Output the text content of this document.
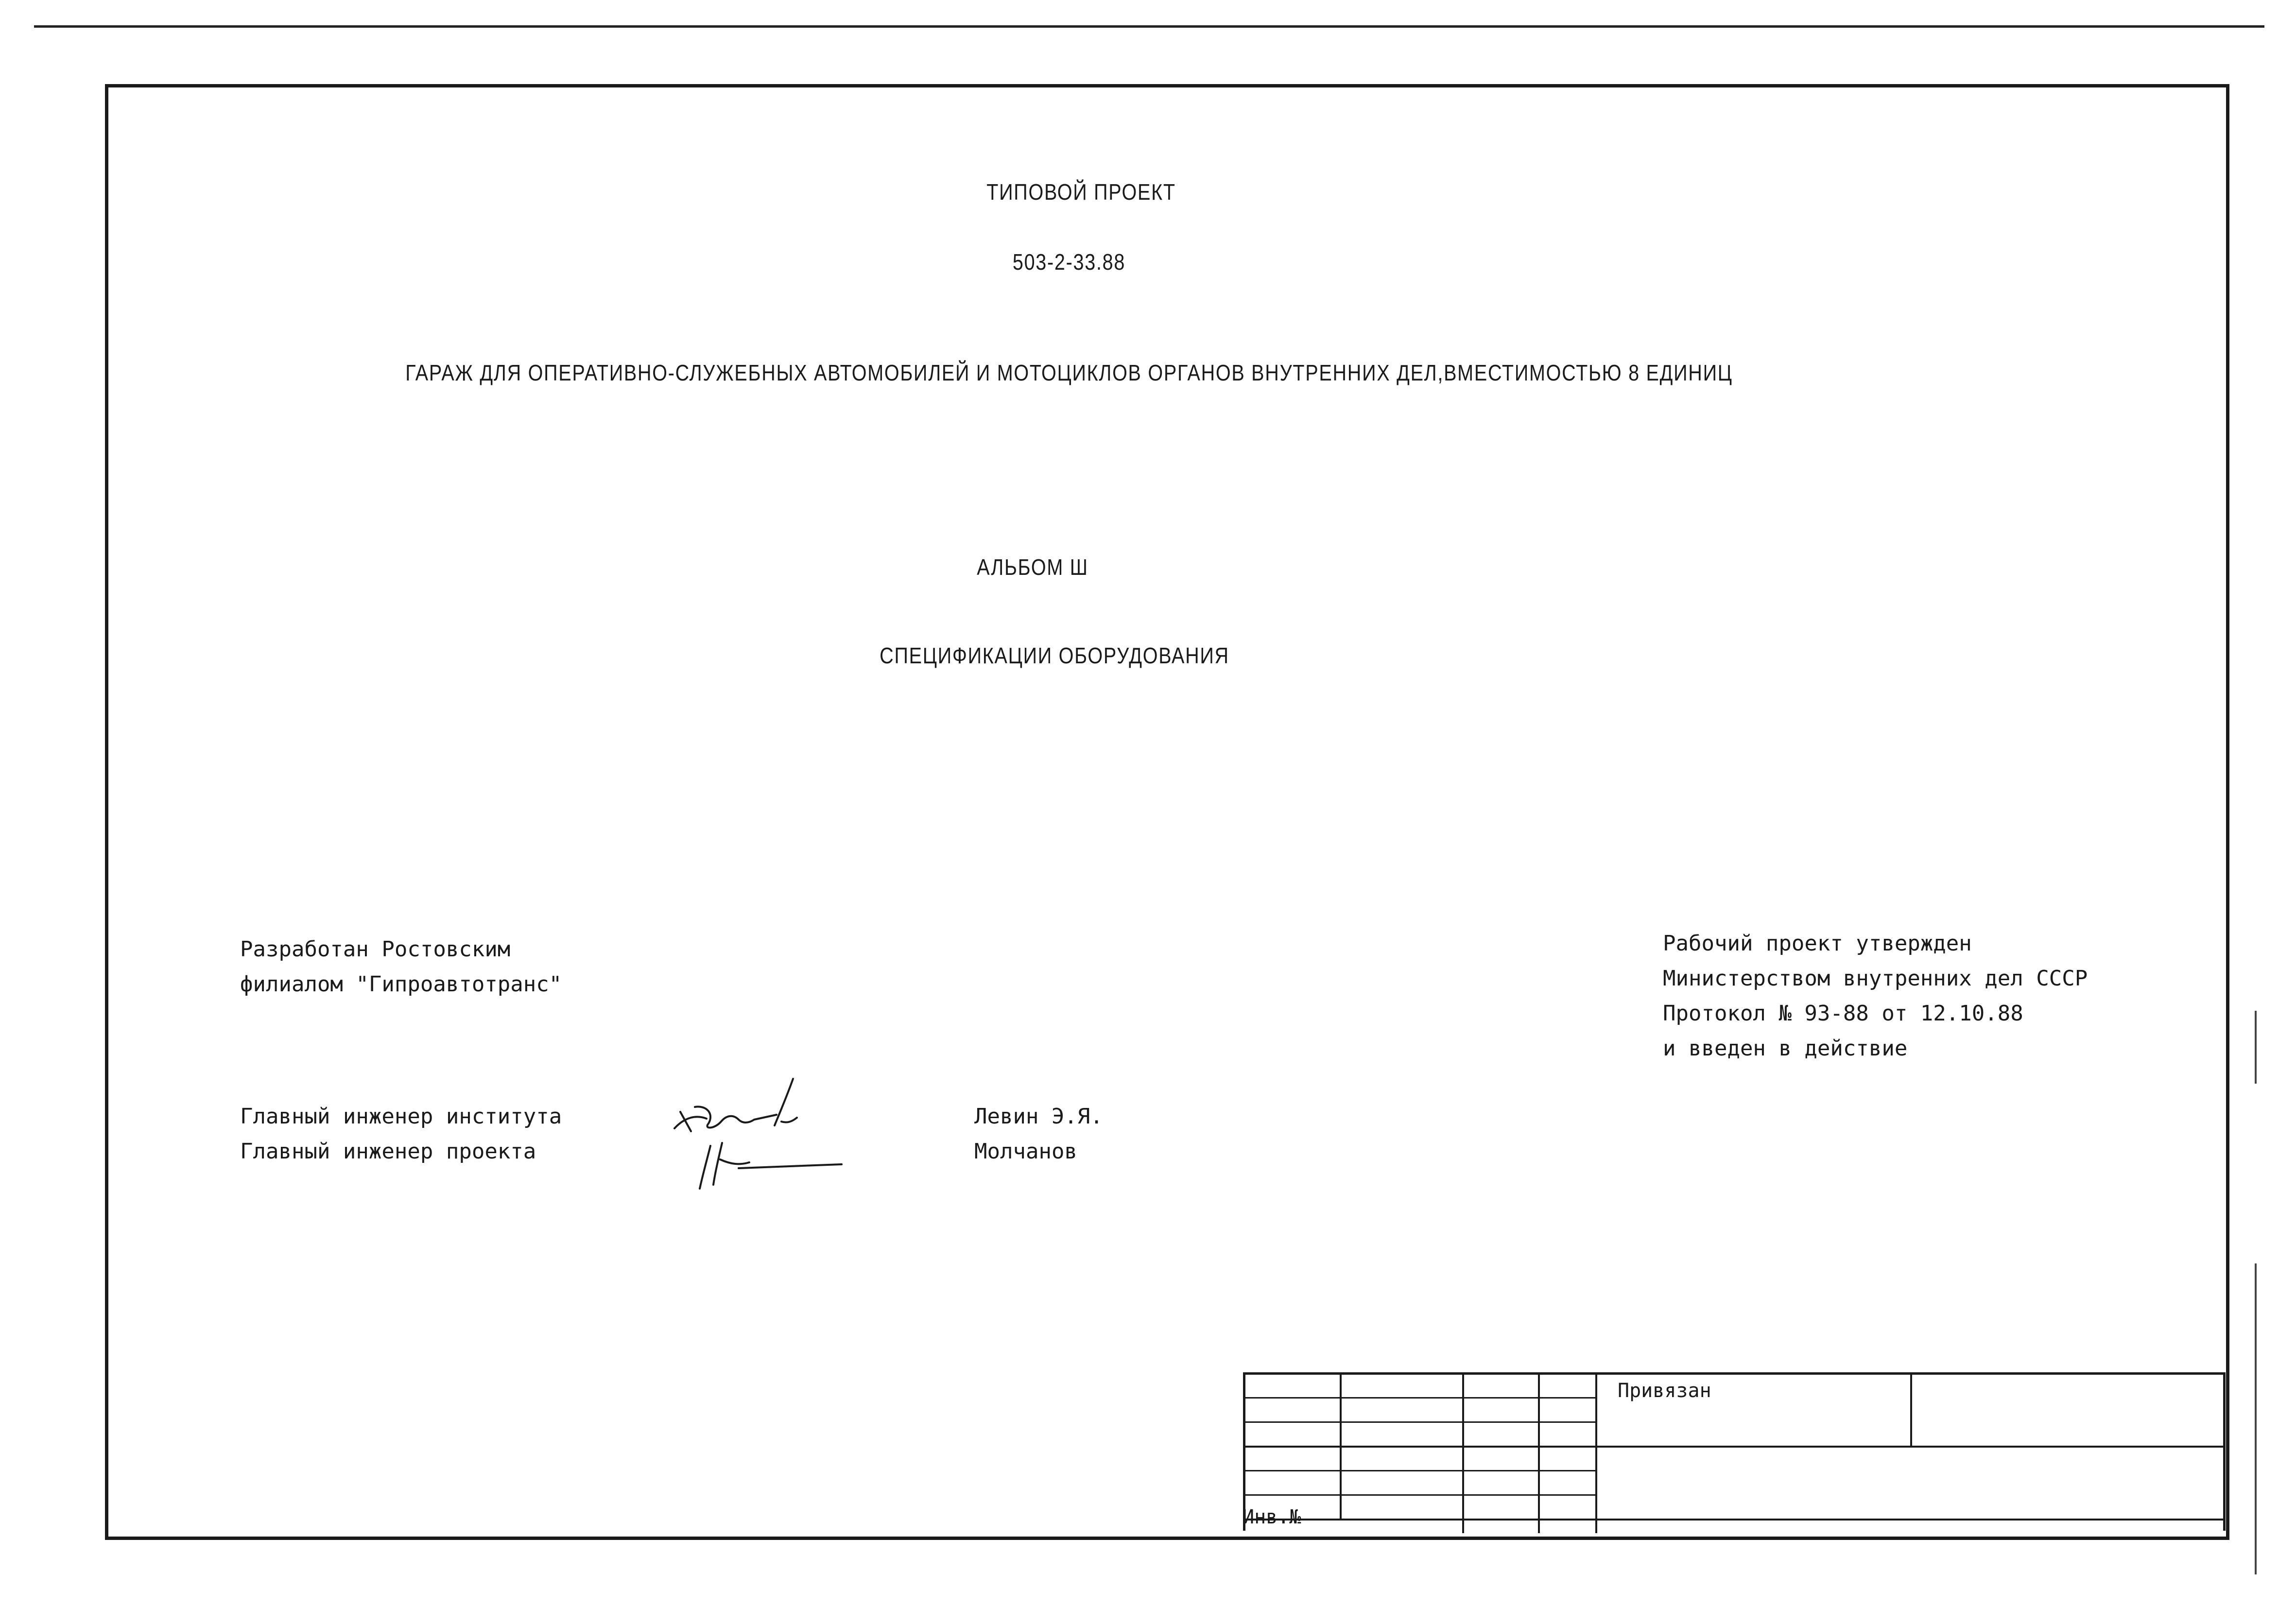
ТИПОВОЙ ПРОЕКТ
503-2-33.88
ГАРАЖ ДЛЯ ОПЕРАТИВНО-СЛУЖЕБНЫХ АВТОМОБИЛЕЙ И МОТОЦИКЛОВ ОРГАНОВ ВНУТРЕННИХ ДЕЛ,ВМЕСТИМОСТЬЮ 8 ЕДИНИЦ
АЛЬБОМ Ш
СПЕЦИФИКАЦИИ ОБОРУДОВАНИЯ
Разработан Ростовским
филиалом "Гипроавтотранс"
Рабочий проект утвержден
Министерством внутренних дел СССР
Протокол № 93-88 от 12.10.88
и введен в действие
Главный инженер института
Главный инженер проекта
Левин Э.Я.
Молчанов
Привязан
Инв.№
